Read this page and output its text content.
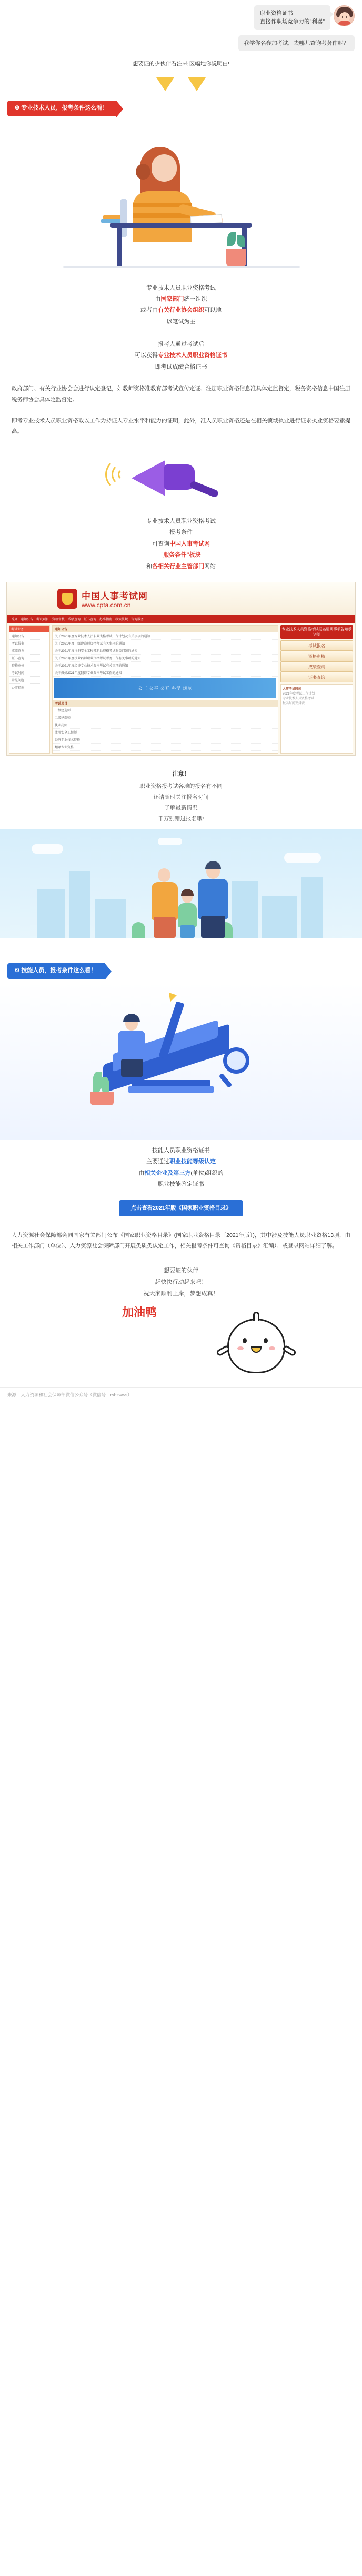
职业资格证书
直接作职场竞争力的"利器"
我学你名参加考试，去哪儿查询考务件呢？
想要证的少伙伴看注来 区幅地你说明白!
❶ 专业技术人员，报考条件这么看！
专业技术人员职业资格考试
由国家部门统一组织
或者由有关行业协会组织可以地
以笔试为主

报考人通过考试后
可以获得专业技术人员职业资格证书
即考试成绩合格证书
政府部门、有关行业协会会进行认定登记，如教师资格准教育部考试宣传定证、注册职业资格信息准具体定监督定，税务资格信息中国注册税务师协会具体定监督定。
即考专业技术人员职业资格取以工作为持证人专业水平和能力的证明，此外，准人员职业资格还是在相关领域执业进行证求执业资格要素提高。
专业技术人员职业资格考试
报考条件
可查询中国人事考试网
"服务各件"板块
和各相关行业主管部门网站
中国人事考试网
www.cpta.com.cn
首页 通知公告 考试项目 资格审核 成绩查询 证书查询 办事指南 政策法规 咨询服务
考试业务
通知公告
考试报名
成绩查询
证书查询
资格审核
考试时间
常见问题
办事指南
通知公告
关于2021年度专业技术人员职业资格考试工作计划及有关事项的通知
关于2021年度一级建造师资格考试有关事项的通知
关于2021年度注册安全工程师职业资格考试有关问题的通知
关于2021年度执业药师职业资格考试考务工作有关事项的通知
关于2021年度经济专业技术资格考试有关事项的通知
关于做好2021年度翻译专业资格考试工作的通知
公正 公平 公开 科学 规范
考试项目
一级建造师
二级建造师
执业药师
注册安全工程师
经济专业技术资格
翻译专业资格
专业技术人员资格考试报名证明事项告知承诺制
考试报名
资格审核
成绩查询
证书查询
人事考试时间
2021年度考试工作计划
专业技术人员资格考试
报名时间安排表
注意！
职业资格报考试各地的报名有不同
还请随时关注报名时间
了解最新情况
千万别错过报名哦!
❷ 技能人员，报考条件这么看！
技能人员职业资格证书
主要通过职业技能等级认定
由相关企业及第三方(单位)组织的
职业技能鉴定证书
点击查看2021年版《国家职业资格目录》
人力资源社会保障部会同国家有关部门公布《国家职业资格目录》(国家职业资格目录〔2021年版〕)，其中涉及技能人员职业资格13项，由相关工作部门（单位）、人力资源社会保障部门开展类质类认定工作，相关报考条件可查询《资格目录》汇编）、或登录网站详细了解。
想要证的伙伴
赶快快行动起来吧！
祝大家顺利上岸，梦想成真！
加油鸭
来源：人力资源和社会保障部微信公众号（微信号：rsbzwws）
